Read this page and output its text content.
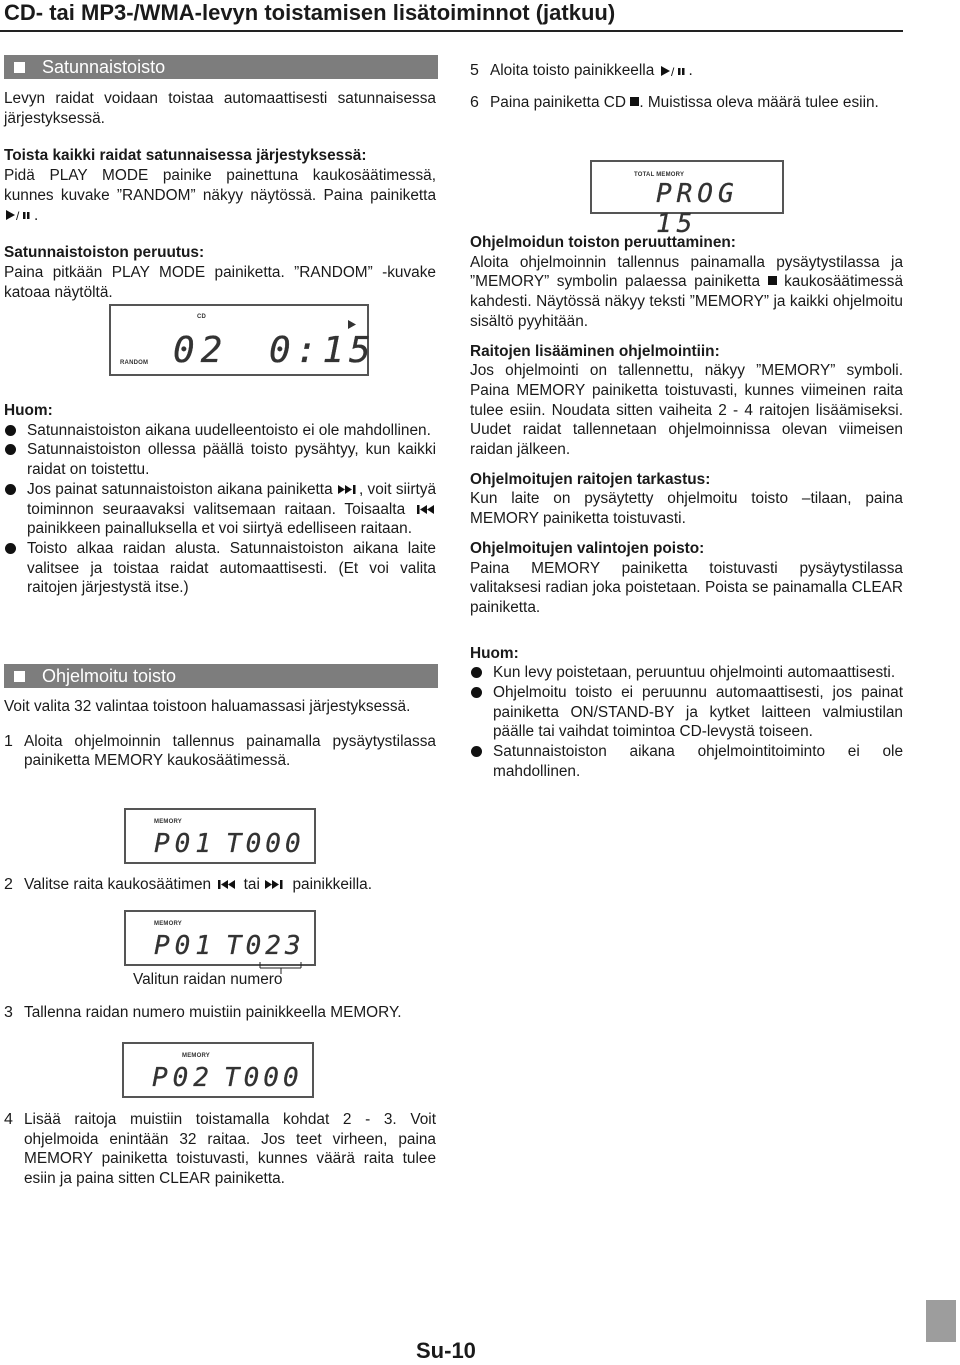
CD- tai MP3-/WMA-levyn toistamisen lisätoiminnot (jatkuu)
Satunnaistoisto

Levyn raidat voidaan toistaa automaattisesti satunnaisessa järjestyksessä.

Toista kaikki raidat satunnaisessa järjestyksessä:

Pidä PLAY MODE painike painettuna kaukosäätimessä, kunnes kuvake ”RANDOM” näkyy näytössä. Paina painiketta
/ .

Satunnaistoiston peruutus:

Paina pitkään PLAY MODE painiketta. ”RANDOM” -kuvake katoaa näytöltä.

CD
RANDOM 02 0:15

Huom:

Satunnaistoiston aikana uudelleentoisto ei ole mahdollinen.
Satunnaistoiston ollessa päällä toisto pysähtyy, kun kaikki raidat on toistettu.
Jos painat satunnaistoiston aikana painiketta , voit siirtyä toiminnon seuraavaksi valitsemaan raitaan. Toisaalta painikkeen painalluksella et voi siirtyä edelliseen raitaan.
Toisto alkaa raidan alusta. Satunnaistoiston aikana laite valitsee ja toistaa raidat automaattisesti. (Et voi valita raitojen järjestystä itse.)
Ohjelmoitu toisto

Voit valita 32 valintaa toistoon haluamassasi järjestyksessä.

1 Aloita ohjelmoinnin tallennus painamalla pysäytystilassa painiketta MEMORY kaukosäätimessä.
MEMORY
P01 T000
2 Valitse raita kaukosäätimen tai painikkeilla.
MEMORY
P01 T023
Valitun raidan numero
3 Tallenna raidan numero muistiin painikkeella MEMORY.
MEMORY
P02 T000
4 Lisää raitoja muistiin toistamalla kohdat 2 - 3. Voit ohjelmoida enintään 32 raitaa. Jos teet virheen, paina MEMORY painiketta toistuvasti, kunnes väärä raita tulee esiin ja paina sitten CLEAR painiketta.
5 Aloita toisto painikkeella / .
6 Paina painiketta CD . Muistissa oleva määrä tulee esiin.
TOTAL MEMORY
PROG 15

Ohjelmoidun toiston peruuttaminen:

Aloita ohjelmoinnin tallennus painamalla pysäytystilassa ja ”MEMORY” symbolin palaessa painiketta kaukosäätimessä kahdesti. Näytössä näkyy teksti ”MEMORY” ja kaikki ohjelmoitu sisältö pyyhitään.

Raitojen lisääminen ohjelmointiin:

Jos ohjelmointi on tallennettu, näkyy ”MEMORY” symboli. Paina MEMORY painiketta toistuvasti, kunnes viimeinen raita tulee esiin. Noudata sitten vaiheita 2 - 4 raitojen lisäämiseksi. Uudet raidat tallennetaan ohjelmoinnissa olevan viimeisen raidan jälkeen.

Ohjelmoitujen raitojen tarkastus:

Kun laite on pysäytetty ohjelmoitu toisto –tilaan, paina MEMORY painiketta toistuvasti.

Ohjelmoitujen valintojen poisto:

Paina MEMORY painiketta toistuvasti pysäytystilassa valitaksesi radian joka poistetaan. Poista se painamalla CLEAR painiketta.

Huom:

Kun levy poistetaan, peruuntuu ohjelmointi automaattisesti.
Ohjelmoitu toisto ei peruunnu automaattisesti, jos painat painiketta ON/STAND-BY ja kytket laitteen valmiustilan päälle tai vaihdat toimintoa CD-levystä toiseen.
Satunnaistoiston aikana ohjelmointitoiminto ei ole mahdollinen.
Su-10
